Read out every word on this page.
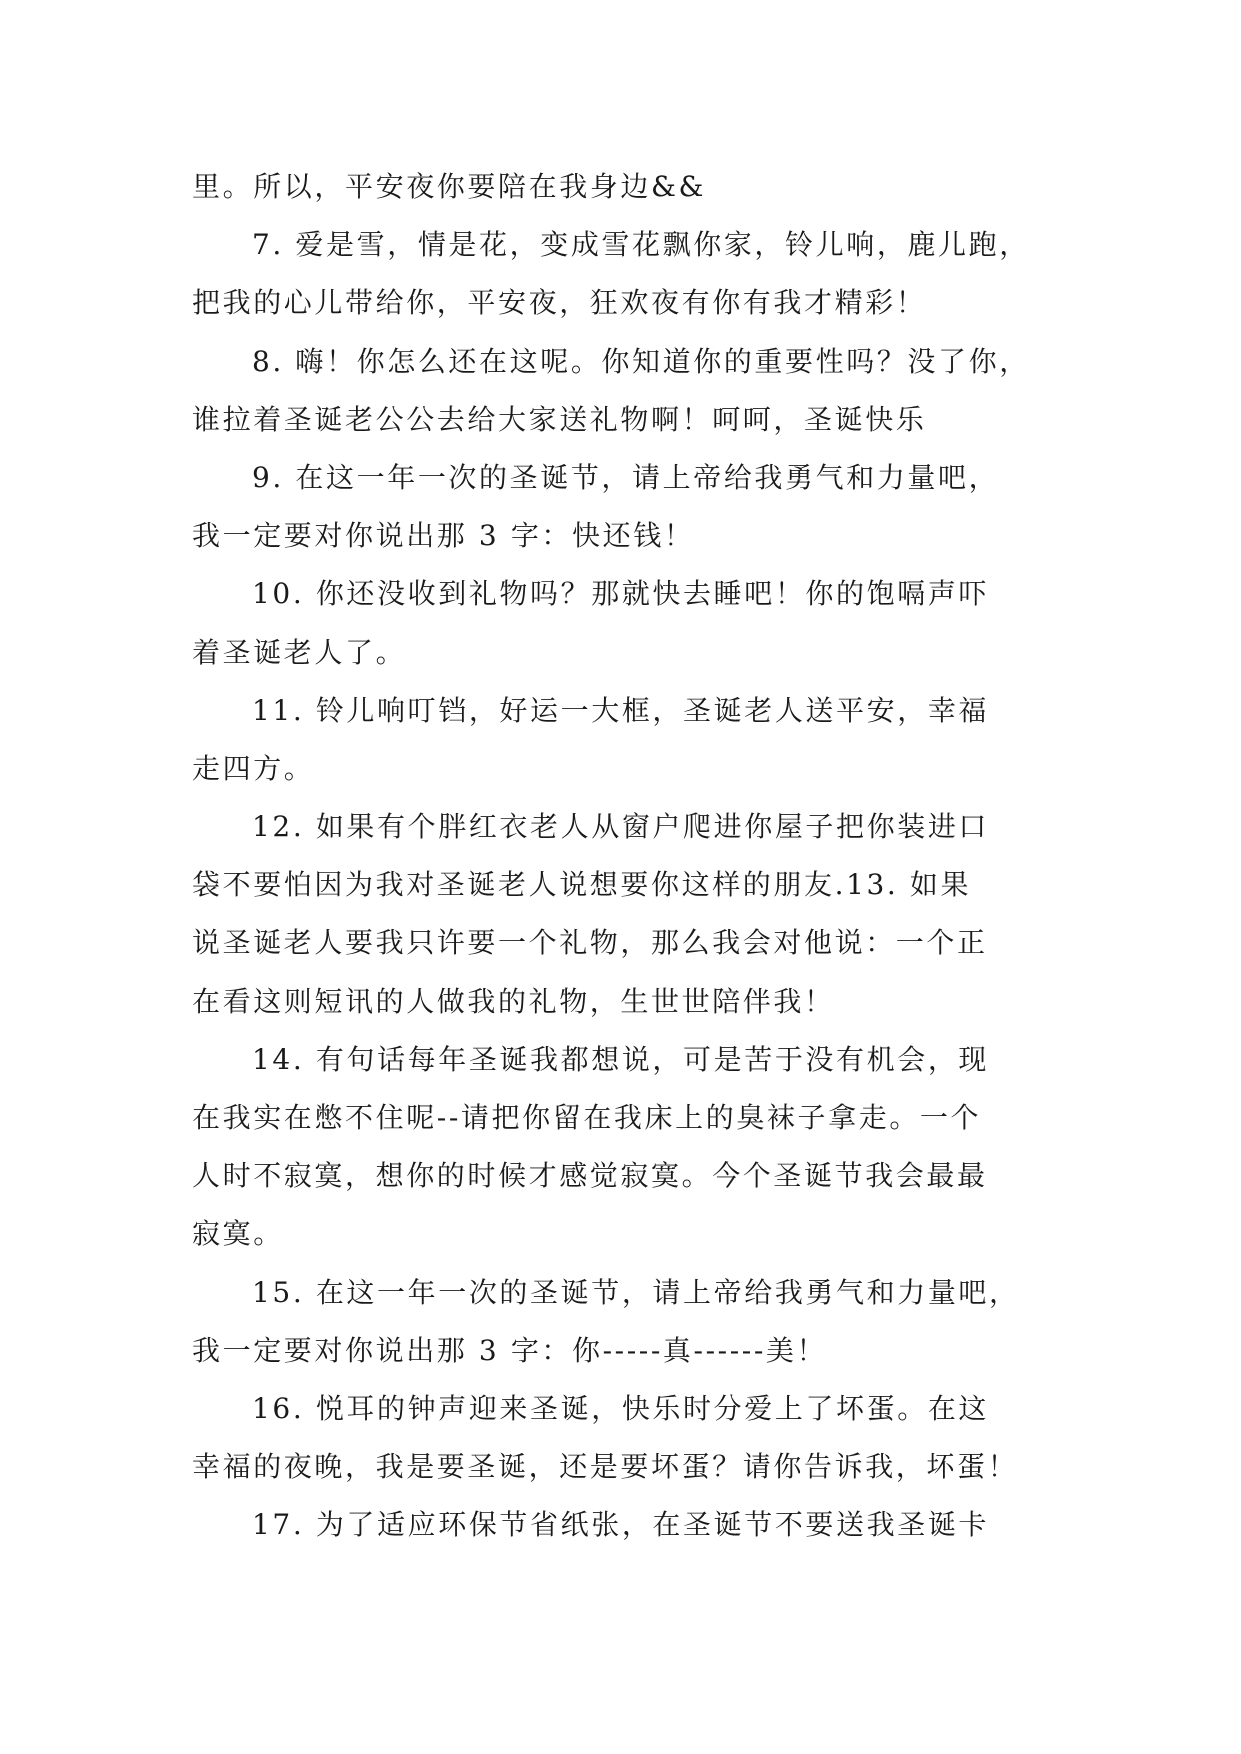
里。所以，平安夜你要陪在我身边&&
7. 爱是雪，情是花，变成雪花飘你家，铃儿响，鹿儿跑，
把我的心儿带给你，平安夜，狂欢夜有你有我才精彩！
8. 嗨！你怎么还在这呢。你知道你的重要性吗？没了你，
谁拉着圣诞老公公去给大家送礼物啊！呵呵，圣诞快乐
9. 在这一年一次的圣诞节，请上帝给我勇气和力量吧，
我一定要对你说出那 3 字：快还钱！
10. 你还没收到礼物吗？那就快去睡吧！你的饱嗝声吓
着圣诞老人了。
11. 铃儿响叮铛，好运一大框，圣诞老人送平安，幸福
走四方。
12. 如果有个胖红衣老人从窗户爬进你屋子把你装进口
袋不要怕因为我对圣诞老人说想要你这样的朋友.13. 如果
说圣诞老人要我只许要一个礼物，那么我会对他说：一个正
在看这则短讯的人做我的礼物，生世世陪伴我！
14. 有句话每年圣诞我都想说，可是苦于没有机会，现
在我实在憋不住呢--请把你留在我床上的臭袜子拿走。一个
人时不寂寞，想你的时候才感觉寂寞。今个圣诞节我会最最
寂寞。
15. 在这一年一次的圣诞节，请上帝给我勇气和力量吧，
我一定要对你说出那 3 字：你-----真------美！
16. 悦耳的钟声迎来圣诞，快乐时分爱上了坏蛋。在这
幸福的夜晚，我是要圣诞，还是要坏蛋？请你告诉我，坏蛋！
17. 为了适应环保节省纸张，在圣诞节不要送我圣诞卡
